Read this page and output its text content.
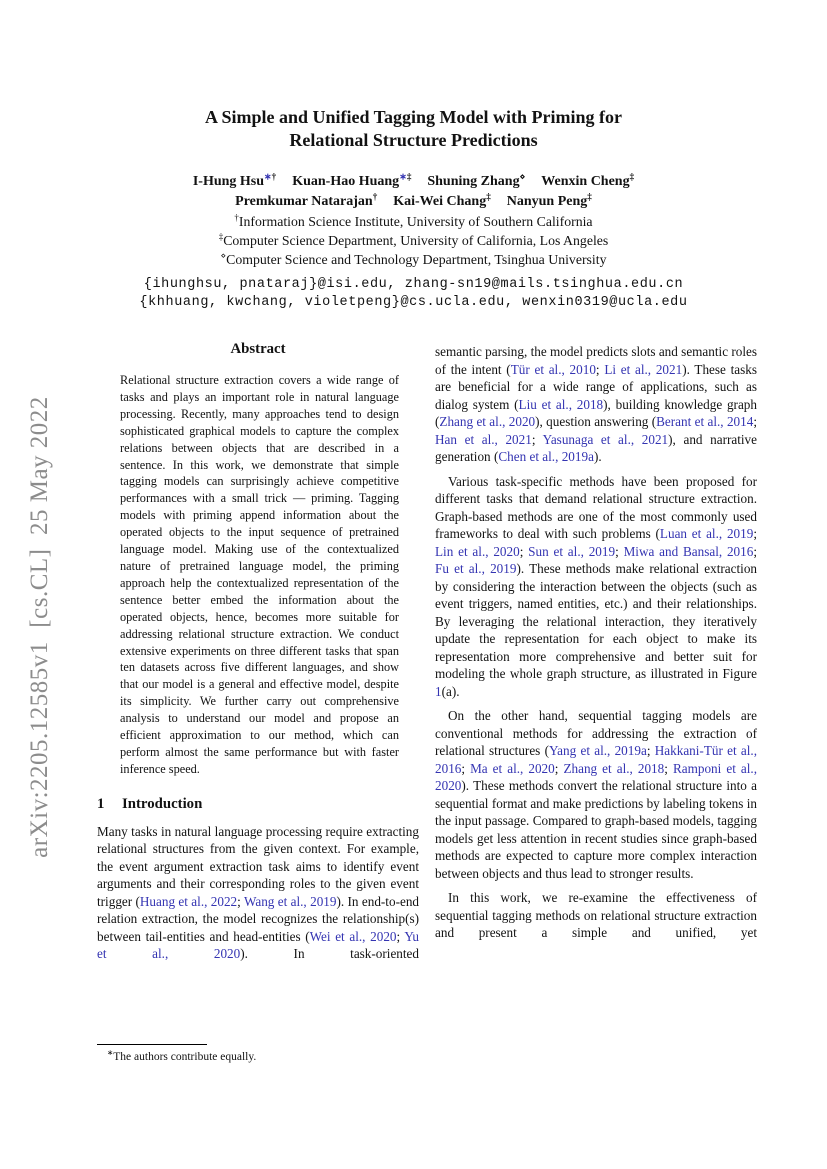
arXiv:2205.12585v1  [cs.CL]  25 May 2022
A Simple and Unified Tagging Model with Priming for
Relational Structure Predictions
I-Hung Hsu∗† Kuan-Hao Huang∗‡ Shuning Zhang⋄ Wenxin Cheng‡
Premkumar Natarajan† Kai-Wei Chang‡ Nanyun Peng‡
†Information Science Institute, University of Southern California
‡Computer Science Department, University of California, Los Angeles
⋄Computer Science and Technology Department, Tsinghua University
{ihunghsu, pnataraj}@isi.edu, zhang-sn19@mails.tsinghua.edu.cn
{khhuang, kwchang, violetpeng}@cs.ucla.edu, wenxin0319@ucla.edu
Abstract

Relational structure extraction covers a wide range of tasks and plays an important role in natural language processing. Recently, many approaches tend to design sophisticated graphical models to capture the complex relations between objects that are described in a sentence. In this work, we demonstrate that simple tagging models can surprisingly achieve competitive performances with a small trick — priming. Tagging models with priming append information about the operated objects to the input sequence of pretrained language model. Making use of the contextualized nature of pretrained language model, the priming approach help the contextualized representation of the sentence better embed the information about the operated objects, hence, becomes more suitable for addressing relational structure extraction. We conduct extensive experiments on three different tasks that span ten datasets across five different languages, and show that our model is a general and effective model, despite its simplicity. We further carry out comprehensive analysis to understand our model and propose an efficient approximation to our method, which can perform almost the same performance but with faster inference speed.

1 Introduction

Many tasks in natural language processing require extracting relational structures from the given context. For example, the event argument extraction task aims to identify event arguments and their corresponding roles to the given event trigger (Huang et al., 2022; Wang et al., 2019). In end-to-end relation extraction, the model recognizes the relationship(s) between tail-entities and head-entities (Wei et al., 2020; Yu et al., 2020). In task-oriented

semantic parsing, the model predicts slots and semantic roles of the intent (Tür et al., 2010; Li et al., 2021). These tasks are beneficial for a wide range of applications, such as dialog system (Liu et al., 2018), building knowledge graph (Zhang et al., 2020), question answering (Berant et al., 2014; Han et al., 2021; Yasunaga et al., 2021), and narrative generation (Chen et al., 2019a).

Various task-specific methods have been proposed for different tasks that demand relational structure extraction. Graph-based methods are one of the most commonly used frameworks to deal with such problems (Luan et al., 2019; Lin et al., 2020; Sun et al., 2019; Miwa and Bansal, 2016; Fu et al., 2019). These methods make relational extraction by considering the interaction between the objects (such as event triggers, named entities, etc.) and their relationships. By leveraging the relational interaction, they iteratively update the representation for each object to make its representation more comprehensive and better suit for modeling the whole graph structure, as illustrated in Figure 1(a).

On the other hand, sequential tagging models are conventional methods for addressing the extraction of relational structures (Yang et al., 2019a; Hakkani-Tür et al., 2016; Ma et al., 2020; Zhang et al., 2018; Ramponi et al., 2020). These methods convert the relational structure into a sequential format and make predictions by labeling tokens in the input passage. Compared to graph-based models, tagging models get less attention in recent studies since graph-based methods are expected to capture more complex interaction between objects and thus lead to stronger results.

In this work, we re-examine the effectiveness of sequential tagging methods on relational structure extraction and present a simple and unified, yet

∗The authors contribute equally.
